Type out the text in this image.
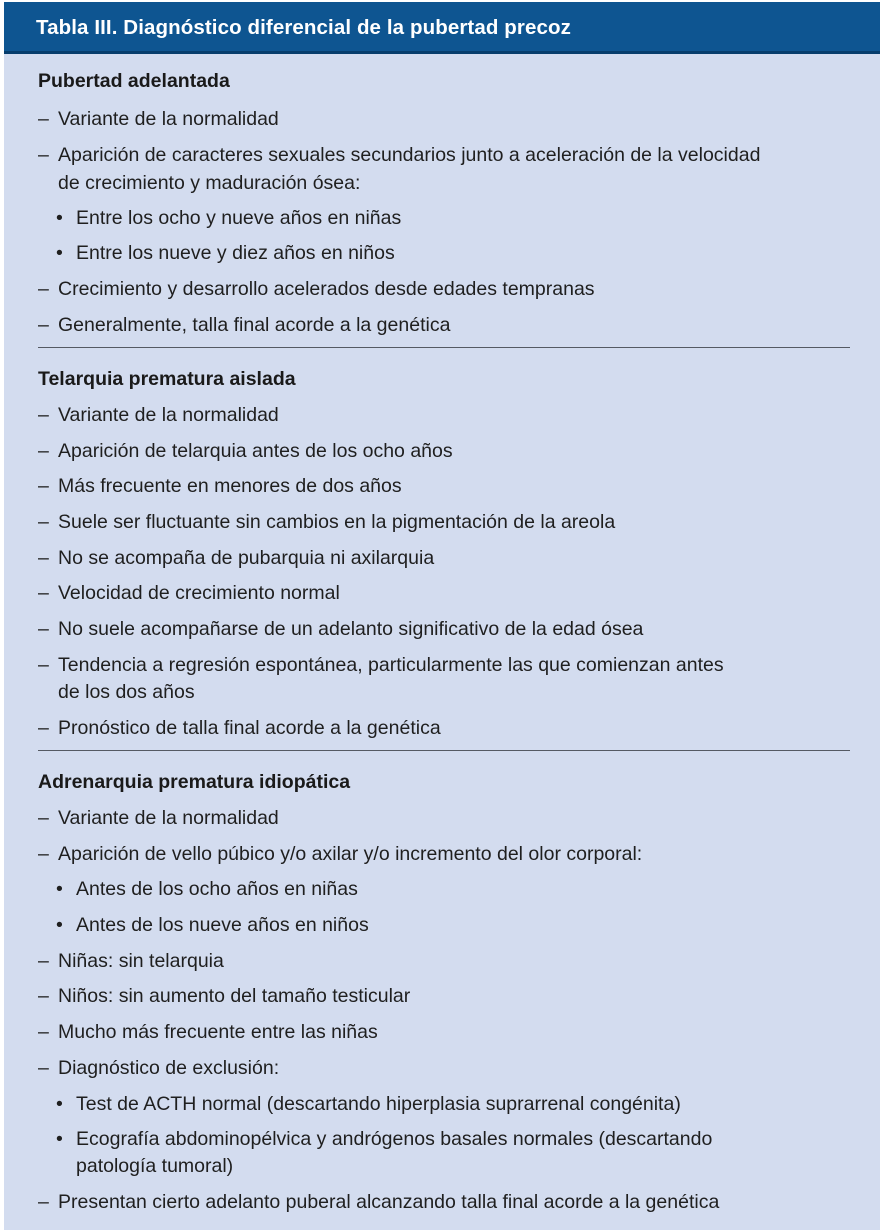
Tabla III. Diagnóstico diferencial de la pubertad precoz
Pubertad adelantada
– Variante de la normalidad
– Aparición de caracteres sexuales secundarios junto a aceleración de la velocidad
de crecimiento y maduración ósea:
• Entre los ocho y nueve años en niñas
• Entre los nueve y diez años en niños
– Crecimiento y desarrollo acelerados desde edades tempranas
– Generalmente, talla final acorde a la genética
Telarquia prematura aislada
– Variante de la normalidad
– Aparición de telarquia antes de los ocho años
– Más frecuente en menores de dos años
– Suele ser fluctuante sin cambios en la pigmentación de la areola
– No se acompaña de pubarquia ni axilarquia
– Velocidad de crecimiento normal
– No suele acompañarse de un adelanto significativo de la edad ósea
– Tendencia a regresión espontánea, particularmente las que comienzan antes
de los dos años
– Pronóstico de talla final acorde a la genética
Adrenarquia prematura idiopática
– Variante de la normalidad
– Aparición de vello púbico y/o axilar y/o incremento del olor corporal:
• Antes de los ocho años en niñas
• Antes de los nueve años en niños
– Niñas: sin telarquia
– Niños: sin aumento del tamaño testicular
– Mucho más frecuente entre las niñas
– Diagnóstico de exclusión:
• Test de ACTH normal (descartando hiperplasia suprarrenal congénita)
• Ecografía abdominopélvica y andrógenos basales normales (descartando
patología tumoral)
– Presentan cierto adelanto puberal alcanzando talla final acorde a la genética
